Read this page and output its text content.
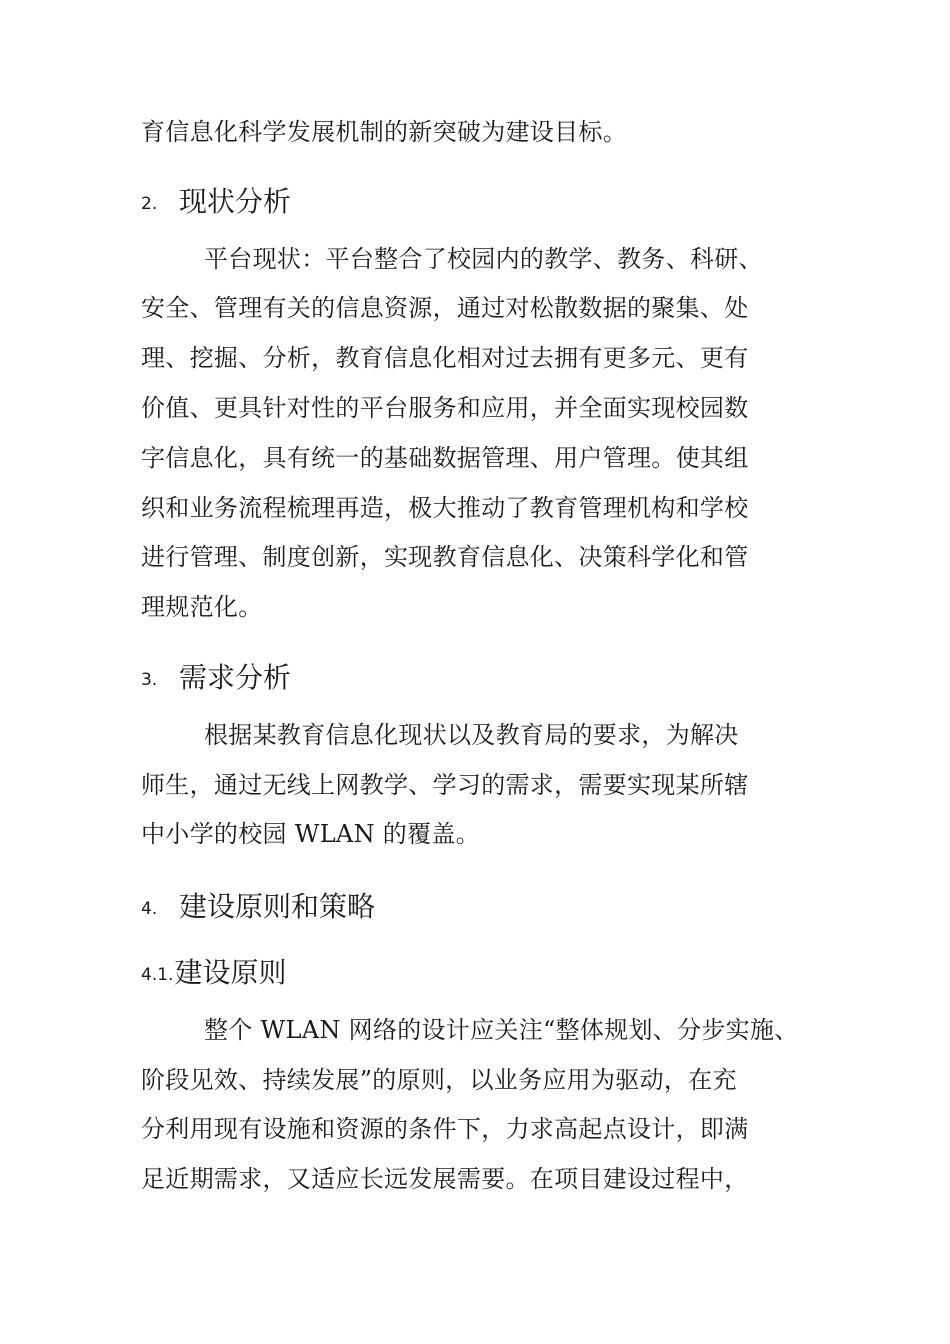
育信息化科学发展机制的新突破为建设目标。
2. 现状分析
平台现状：平台整合了校园内的教学、教务、科研、
安全、管理有关的信息资源，通过对松散数据的聚集、处
理、挖掘、分析，教育信息化相对过去拥有更多元、更有
价值、更具针对性的平台服务和应用，并全面实现校园数
字信息化，具有统一的基础数据管理、用户管理。使其组
织和业务流程梳理再造，极大推动了教育管理机构和学校
进行管理、制度创新，实现教育信息化、决策科学化和管
理规范化。
3. 需求分析
根据某教育信息化现状以及教育局的要求，为解决
师生，通过无线上网教学、学习的需求，需要实现某所辖
中小学的校园 WLAN 的覆盖。
4. 建设原则和策略
4.1.建设原则
整个 WLAN 网络的设计应关注“整体规划、分步实施、
阶段见效、持续发展”的原则，以业务应用为驱动，在充
分利用现有设施和资源的条件下，力求高起点设计，即满
足近期需求，又适应长远发展需要。在项目建设过程中，
